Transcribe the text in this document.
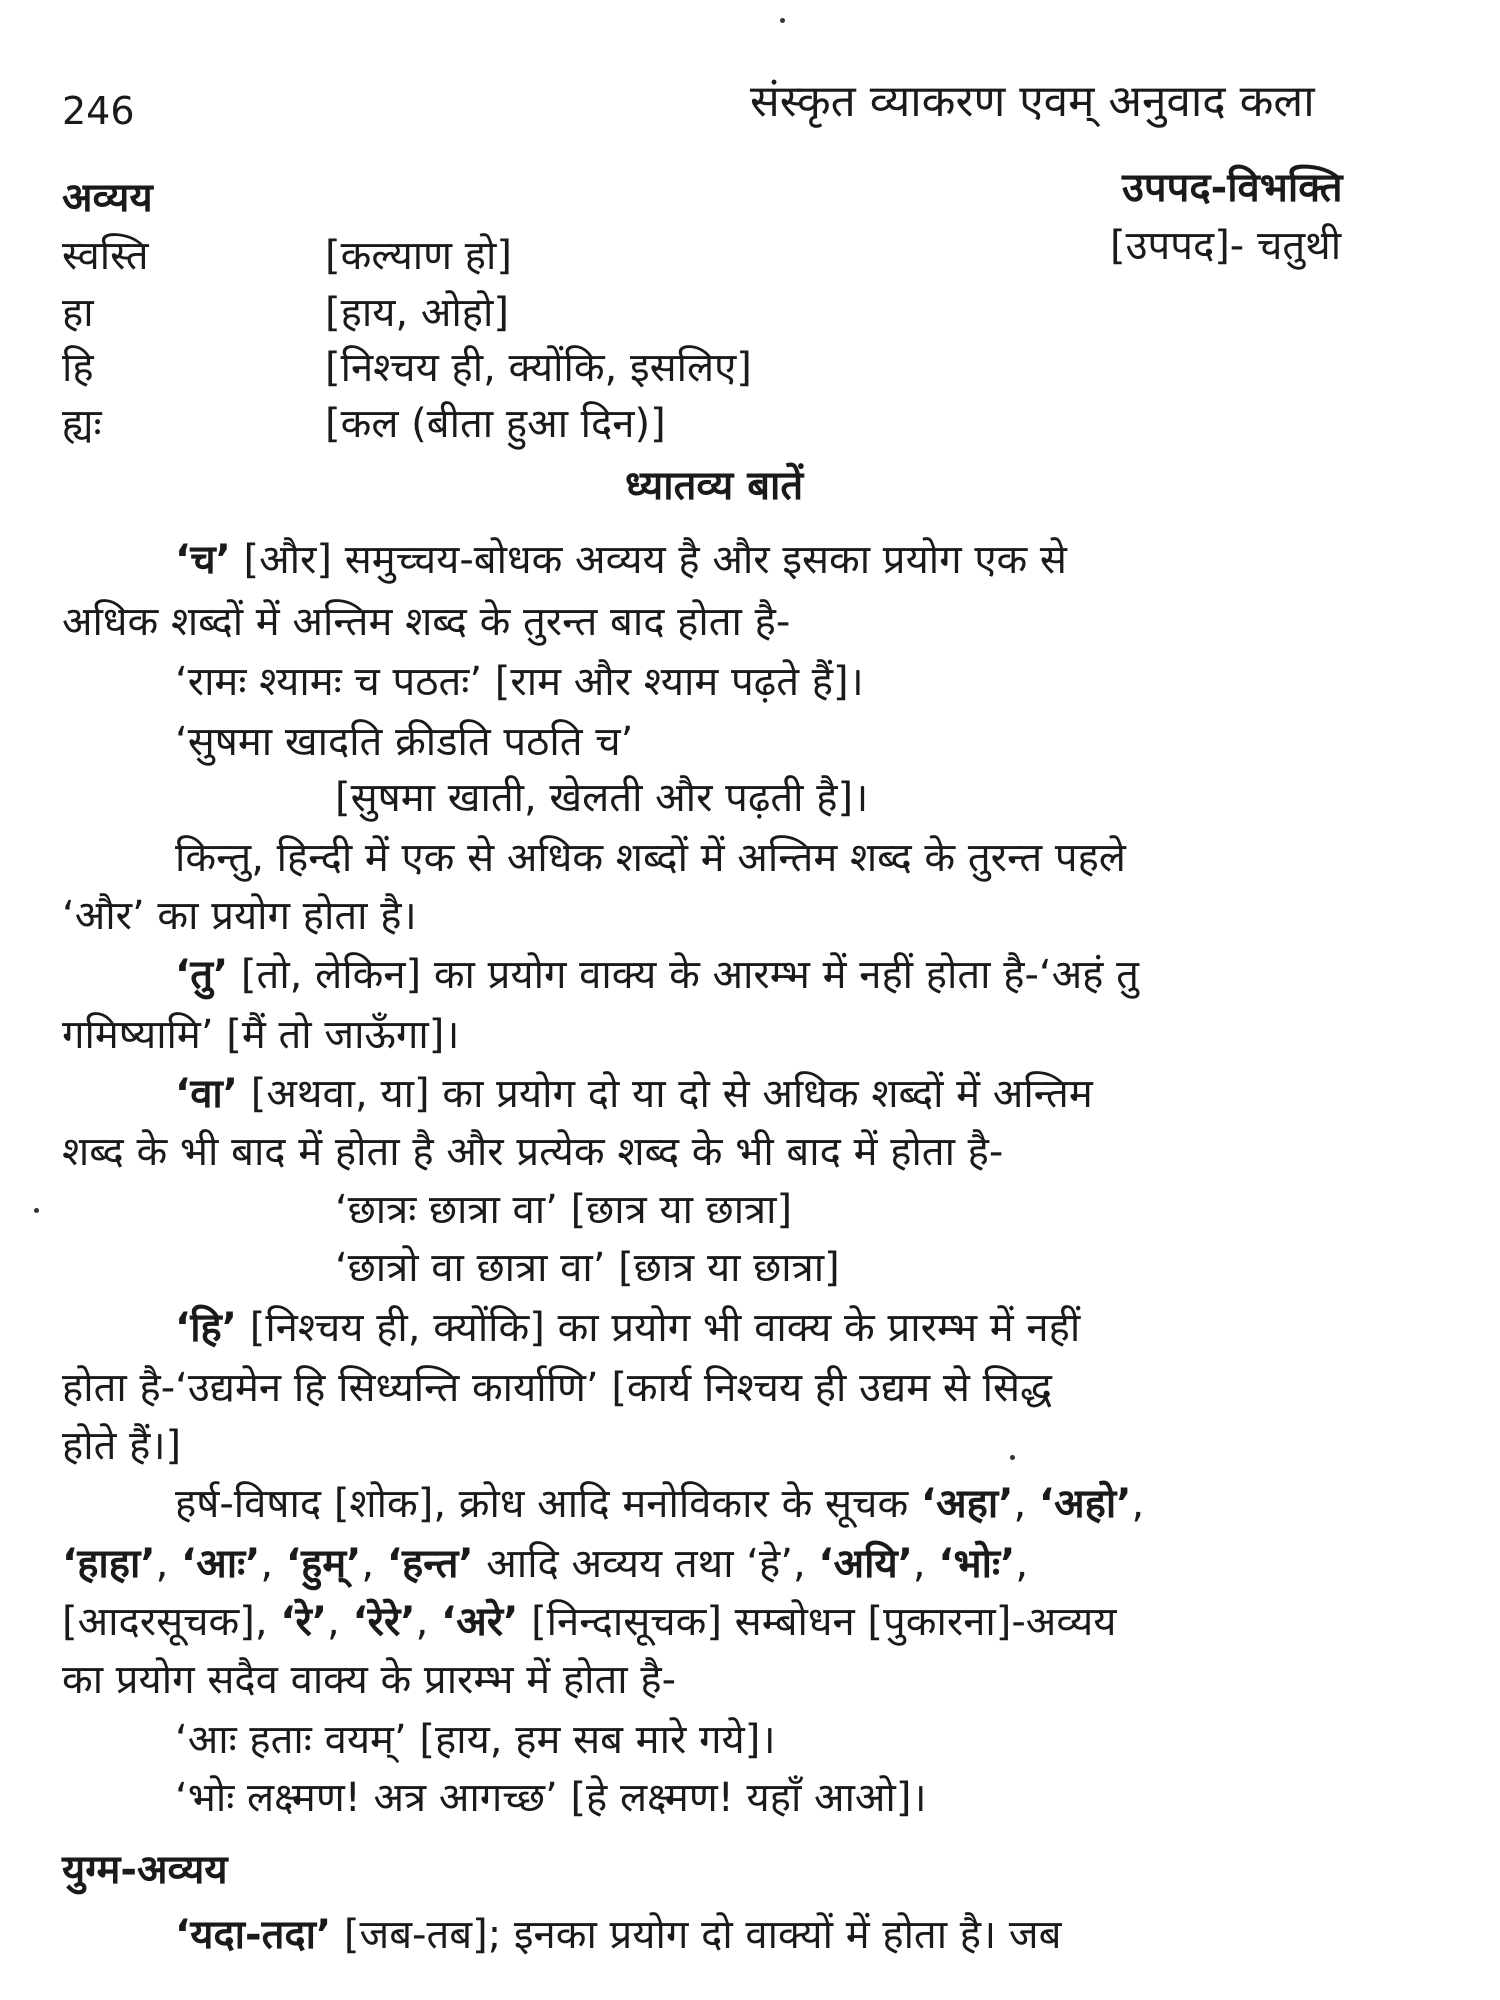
246	संस्कृत व्याकरण एवम् अनुवाद कला
अव्यय	उपपद-विभक्ति
स्वस्ति	[कल्याण हो]	[उपपद]- चतुथी
हा	[हाय, ओहो]
हि	[निश्चय ही, क्योंकि, इसलिए]
ह्यः	[कल (बीता हुआ दिन)]
ध्यातव्य बातें
‘च’ [और] समुच्चय-बोधक अव्यय है और इसका प्रयोग एक से
अधिक शब्दों में अन्तिम शब्द के तुरन्त बाद होता है-
‘रामः श्यामः च पठतः’ [राम और श्याम पढ़ते हैं]।
‘सुषमा खादति क्रीडति पठति च’
[सुषमा खाती, खेलती और पढ़ती है]।
किन्तु, हिन्दी में एक से अधिक शब्दों में अन्तिम शब्द के तुरन्त पहले
‘और’ का प्रयोग होता है।
‘तु’ [तो, लेकिन] का प्रयोग वाक्य के आरम्भ में नहीं होता है-‘अहं तु
गमिष्यामि’ [मैं तो जाऊँगा]।
‘वा’ [अथवा, या] का प्रयोग दो या दो से अधिक शब्दों में अन्तिम
शब्द के भी बाद में होता है और प्रत्येक शब्द के भी बाद में होता है-
‘छात्रः छात्रा वा’ [छात्र या छात्रा]
‘छात्रो वा छात्रा वा’ [छात्र या छात्रा]
‘हि’ [निश्चय ही, क्योंकि] का प्रयोग भी वाक्य के प्रारम्भ में नहीं
होता है-‘उद्यमेन हि सिध्यन्ति कार्याणि’ [कार्य निश्चय ही उद्यम से सिद्ध
होते हैं।]
हर्ष-विषाद [शोक], क्रोध आदि मनोविकार के सूचक ‘अहा’, ‘अहो’,
‘हाहा’, ‘आः’, ‘हुम्’, ‘हन्त’ आदि अव्यय तथा ‘हे’, ‘अयि’, ‘भोः’,
[आदरसूचक], ‘रे’, ‘रेरे’, ‘अरे’ [निन्दासूचक] सम्बोधन [पुकारना]-अव्यय
का प्रयोग सदैव वाक्य के प्रारम्भ में होता है-
‘आः हताः वयम्’ [हाय, हम सब मारे गये]।
‘भोः लक्ष्मण! अत्र आगच्छ’ [हे लक्ष्मण! यहाँ आओ]।
युग्म-अव्यय
‘यदा-तदा’ [जब-तब]; इनका प्रयोग दो वाक्यों में होता है। जब
